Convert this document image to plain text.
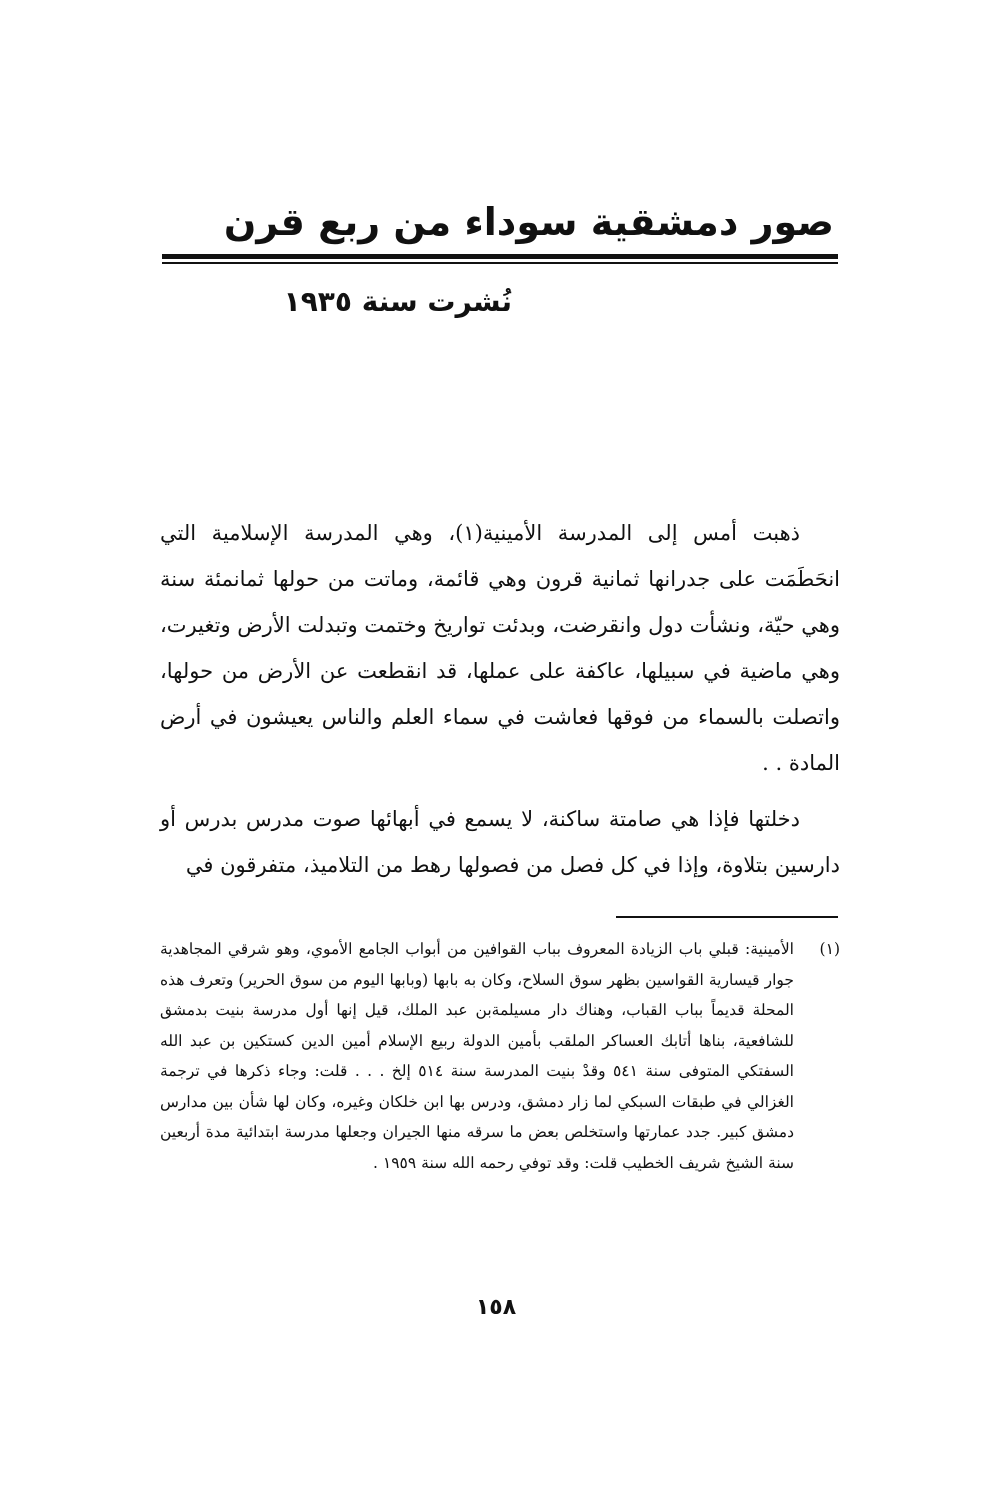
صور دمشقية سوداء من ربع قرن
نُشرت سنة ١٩٣٥

ذهبت أمس إلى المدرسة الأمينية(١)، وهي المدرسة الإسلامية التي انحَطَمَت على جدرانها ثمانية قرون وهي قائمة، وماتت من حولها ثمانمئة سنة وهي حيّة، ونشأت دول وانقرضت، وبدئت تواريخ وختمت وتبدلت الأرض وتغيرت، وهي ماضية في سبيلها، عاكفة على عملها، قد انقطعت عن الأرض من حولها، واتصلت بالسماء من فوقها فعاشت في سماء العلم والناس يعيشون في أرض المادة . .

دخلتها فإذا هي صامتة ساكنة، لا يسمع في أبهائها صوت مدرس بدرس أو دارسين بتلاوة، وإذا في كل فصل من فصولها رهط من التلاميذ، متفرقون في

(١)
الأمينية: قبلي باب الزيادة المعروف بباب القوافين من أبواب الجامع الأموي، وهو شرقي المجاهدية جوار قيسارية القواسين بظهر سوق السلاح، وكان به بابها (وبابها اليوم من سوق الحرير) وتعرف هذه المحلة قديماً بباب القباب، وهناك دار مسيلمةبن عبد الملك، قيل إنها أول مدرسة بنيت بدمشق للشافعية، بناها أتابك العساكر الملقب بأمين الدولة ربيع الإسلام أمين الدين كستكين بن عبد الله السفتكي المتوفى سنة ٥٤١ وقدْ بنيت المدرسة سنة ٥١٤ إلخ . . . قلت: وجاء ذكرها في ترجمة الغزالي في طبقات السبكي لما زار دمشق، ودرس بها ابن خلكان وغيره، وكان لها شأن بين مدارس دمشق كبير. جدد عمارتها واستخلص بعض ما سرقه منها الجيران وجعلها مدرسة ابتدائية مدة أربعين سنة الشيخ شريف الخطيب قلت: وقد توفي رحمه الله سنة ١٩٥٩ .
١٥٨
